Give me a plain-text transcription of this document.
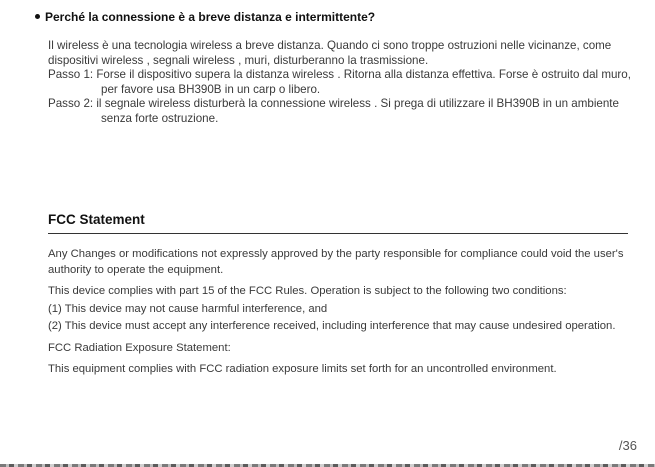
Perché la connessione è a breve distanza e intermittente?

Il wireless è una tecnologia wireless a breve distanza. Quando ci sono troppe ostruzioni nelle vicinanze, come dispositivi wireless , segnali wireless , muri, disturberanno la trasmissione.

Passo 1: Forse il dispositivo supera la distanza wireless . Ritorna alla distanza effettiva. Forse è ostruito dal muro, per favore usa BH390B in un carp o libero.

Passo 2: il segnale wireless disturberà la connessione wireless . Si prega di utilizzare il BH390B in un ambiente senza forte ostruzione.

FCC Statement

Any Changes or modifications not expressly approved by the party responsible for compliance could void the user's authority to operate the equipment.

This device complies with part 15 of the FCC Rules. Operation is subject to the following two conditions:

(1) This device may not cause harmful interference, and

(2) This device must accept any interference received, including interference that may cause undesired operation.

FCC Radiation Exposure Statement:

This equipment complies with FCC radiation exposure limits set forth for an uncontrolled environment.

/36
